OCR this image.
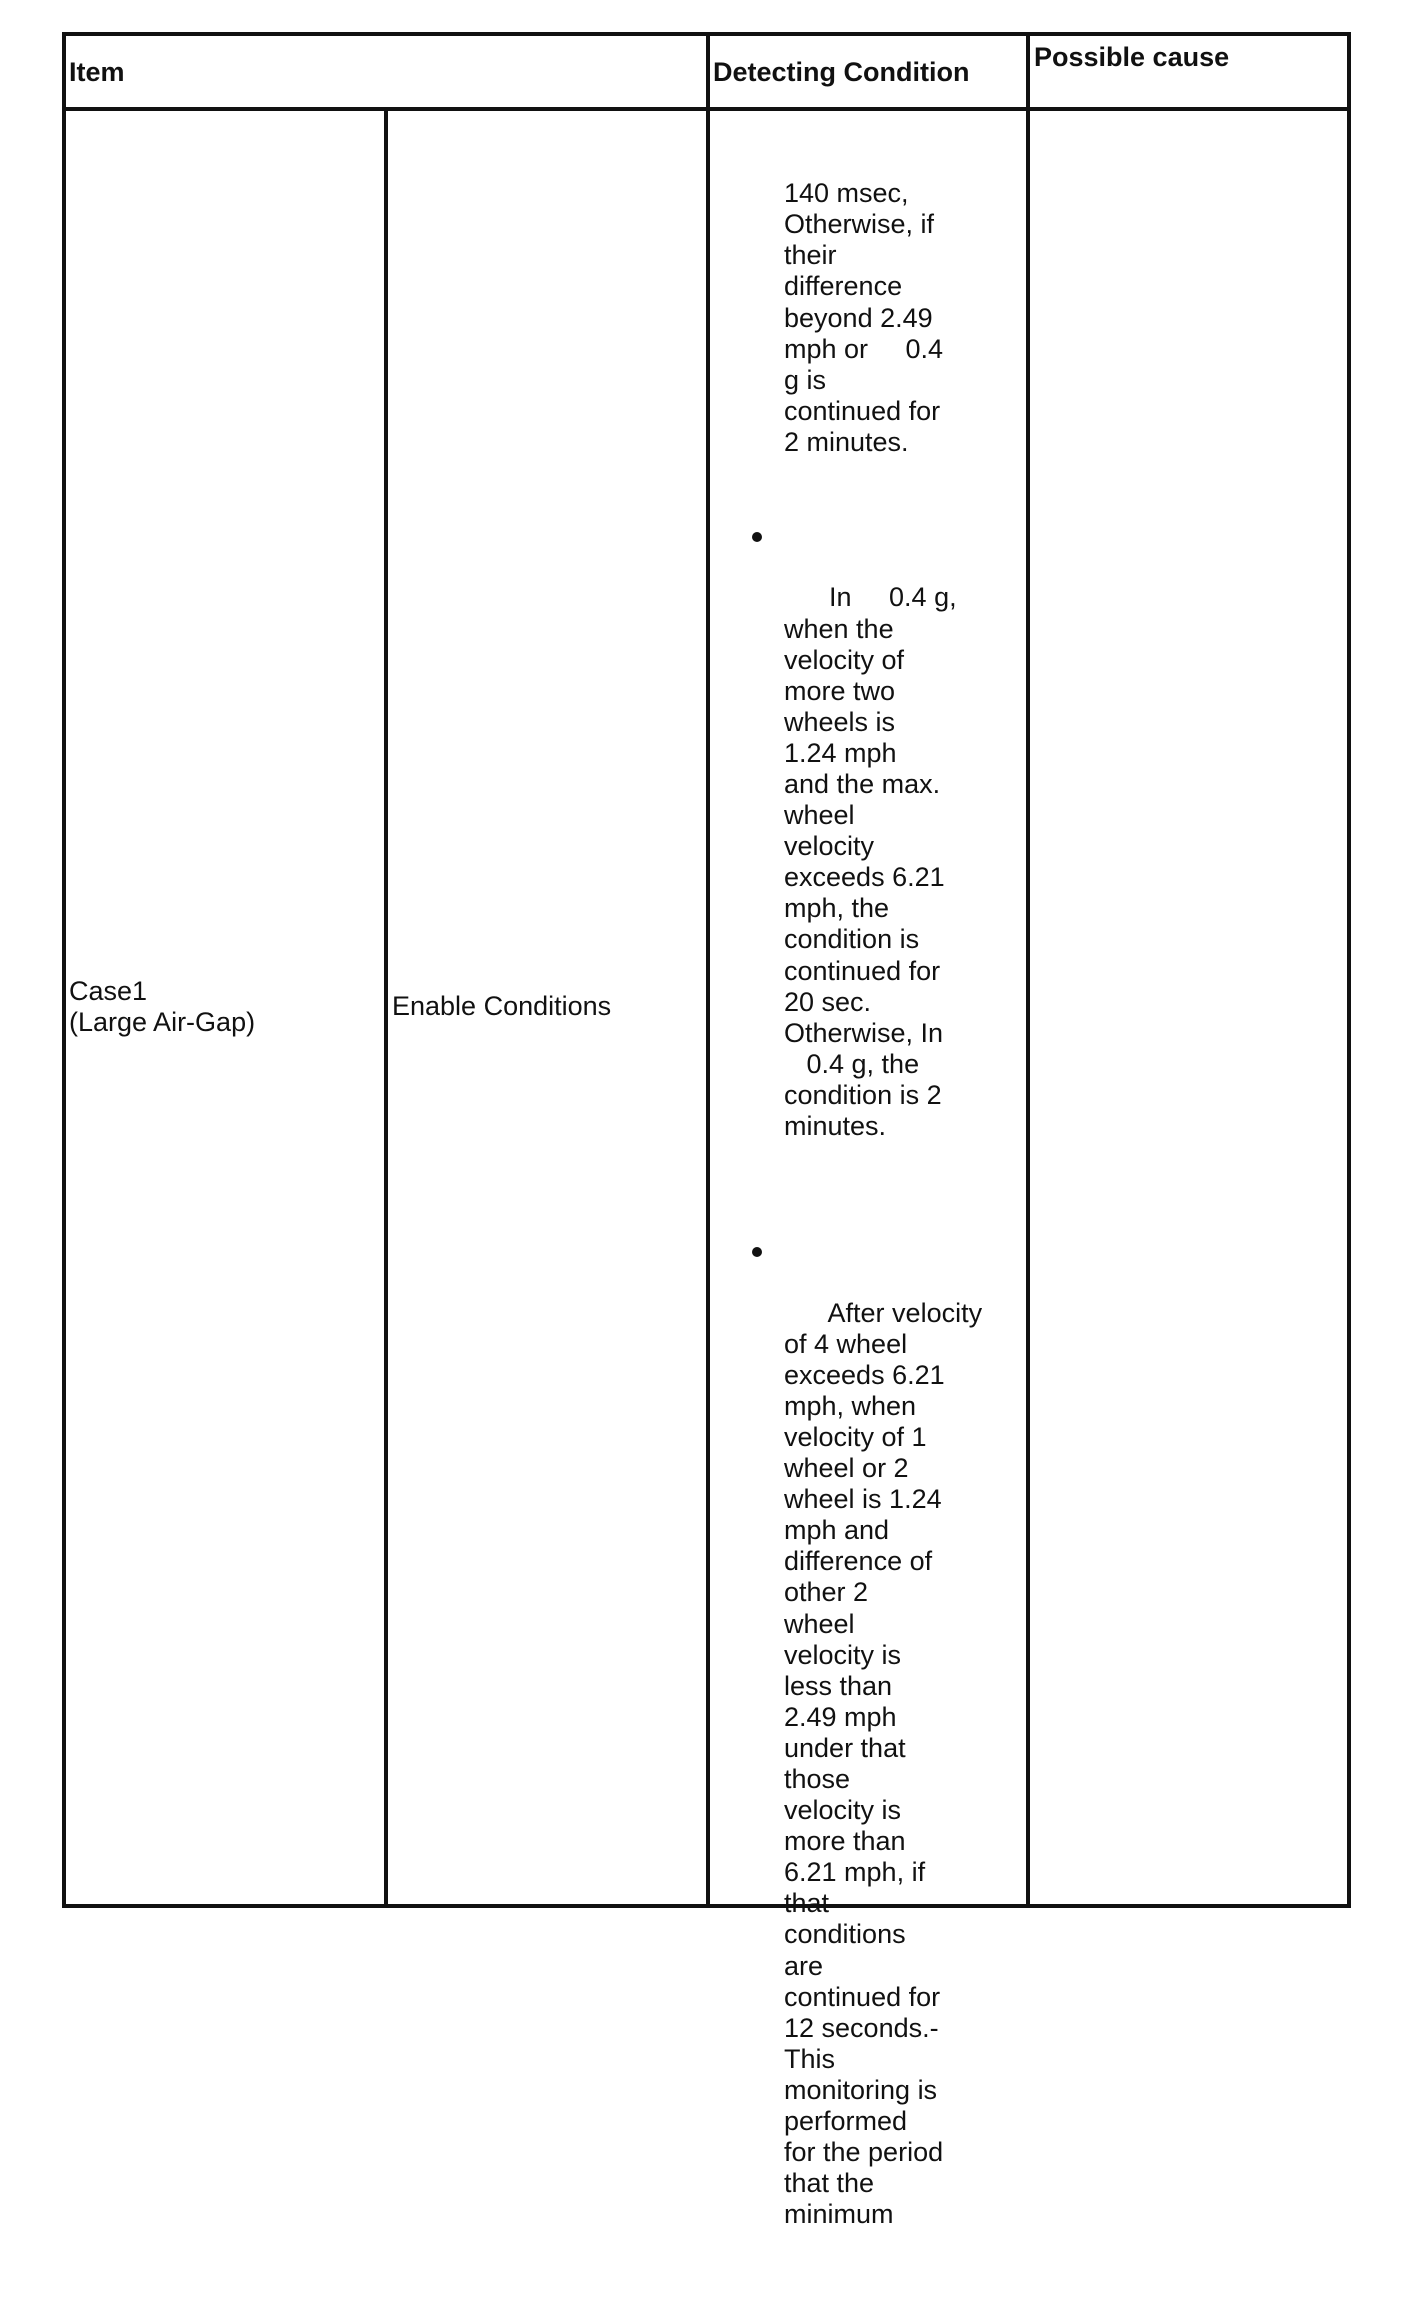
Item	Detecting Condition Possible cause
Case1
(Large Air-Gap)
Enable Conditions

140 msec,
Otherwise, if
their
difference
beyond 2.49
mph or     0.4
g is
continued for
2 minutes.

In     0.4 g,
when the
velocity of
more two
wheels is
1.24 mph
and the max.
wheel
velocity
exceeds 6.21
mph, the
condition is
continued for
20 sec.
Otherwise, In
0.4 g, the
condition is 2
minutes.

After velocity
of 4 wheel
exceeds 6.21
mph, when
velocity of 1
wheel or 2
wheel is 1.24
mph and
difference of
other 2
wheel
velocity is
less than
2.49 mph
under that
those
velocity is
more than
6.21 mph, if
that
conditions
are
continued for
12 seconds.-
This
monitoring is
performed
for the period
that the
minimum
